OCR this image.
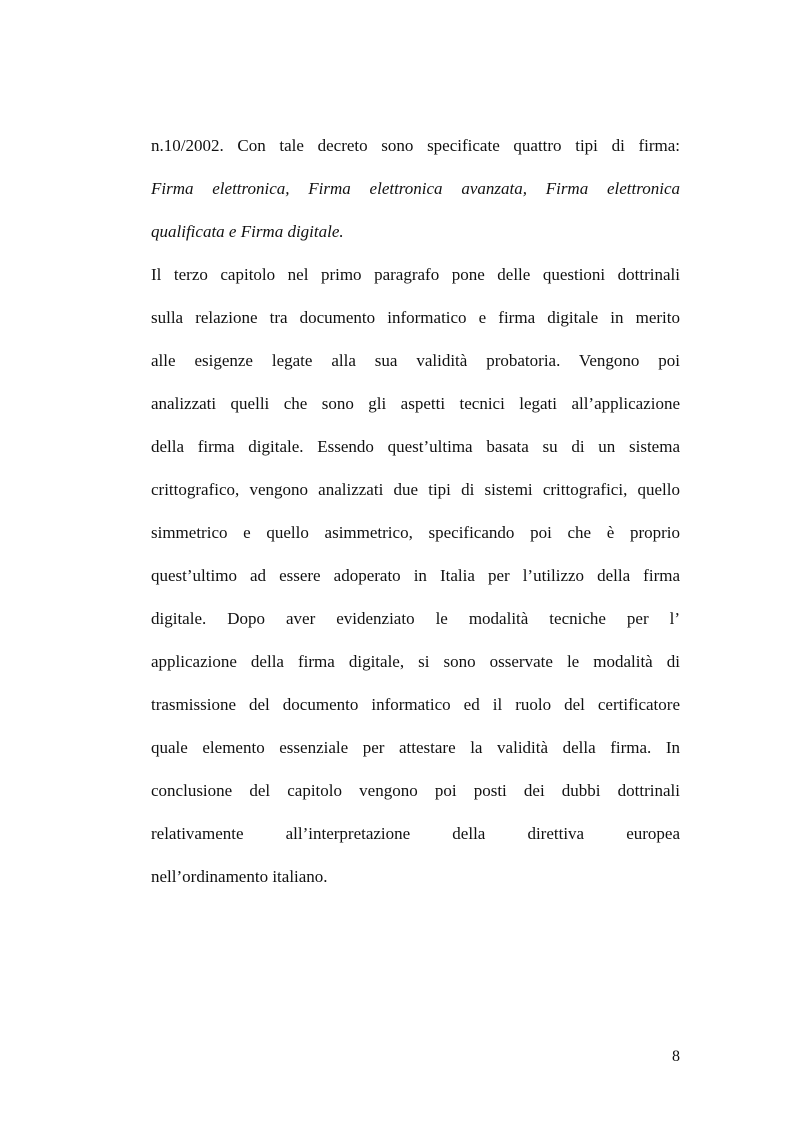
n.10/2002. Con tale decreto sono specificate quattro tipi di firma:
Firma elettronica, Firma elettronica avanzata, Firma elettronica
qualificata e Firma digitale.
Il terzo capitolo nel primo paragrafo pone delle questioni dottrinali
sulla relazione tra documento informatico e firma digitale in merito
alle esigenze legate alla sua validità probatoria. Vengono poi
analizzati quelli che sono gli aspetti tecnici legati all’applicazione
della firma digitale. Essendo quest’ultima basata su di un sistema
crittografico, vengono analizzati due tipi di sistemi crittografici, quello
simmetrico e quello asimmetrico, specificando poi che è proprio
quest’ultimo ad essere adoperato in Italia per l’utilizzo della firma
digitale. Dopo aver evidenziato le modalità tecniche per l’
applicazione della firma digitale, si sono osservate le modalità di
trasmissione del documento informatico ed il ruolo del certificatore
quale elemento essenziale per attestare la validità della firma. In
conclusione del capitolo vengono poi posti dei dubbi dottrinali
relativamente all’interpretazione della direttiva europea
nell’ordinamento italiano.
8
